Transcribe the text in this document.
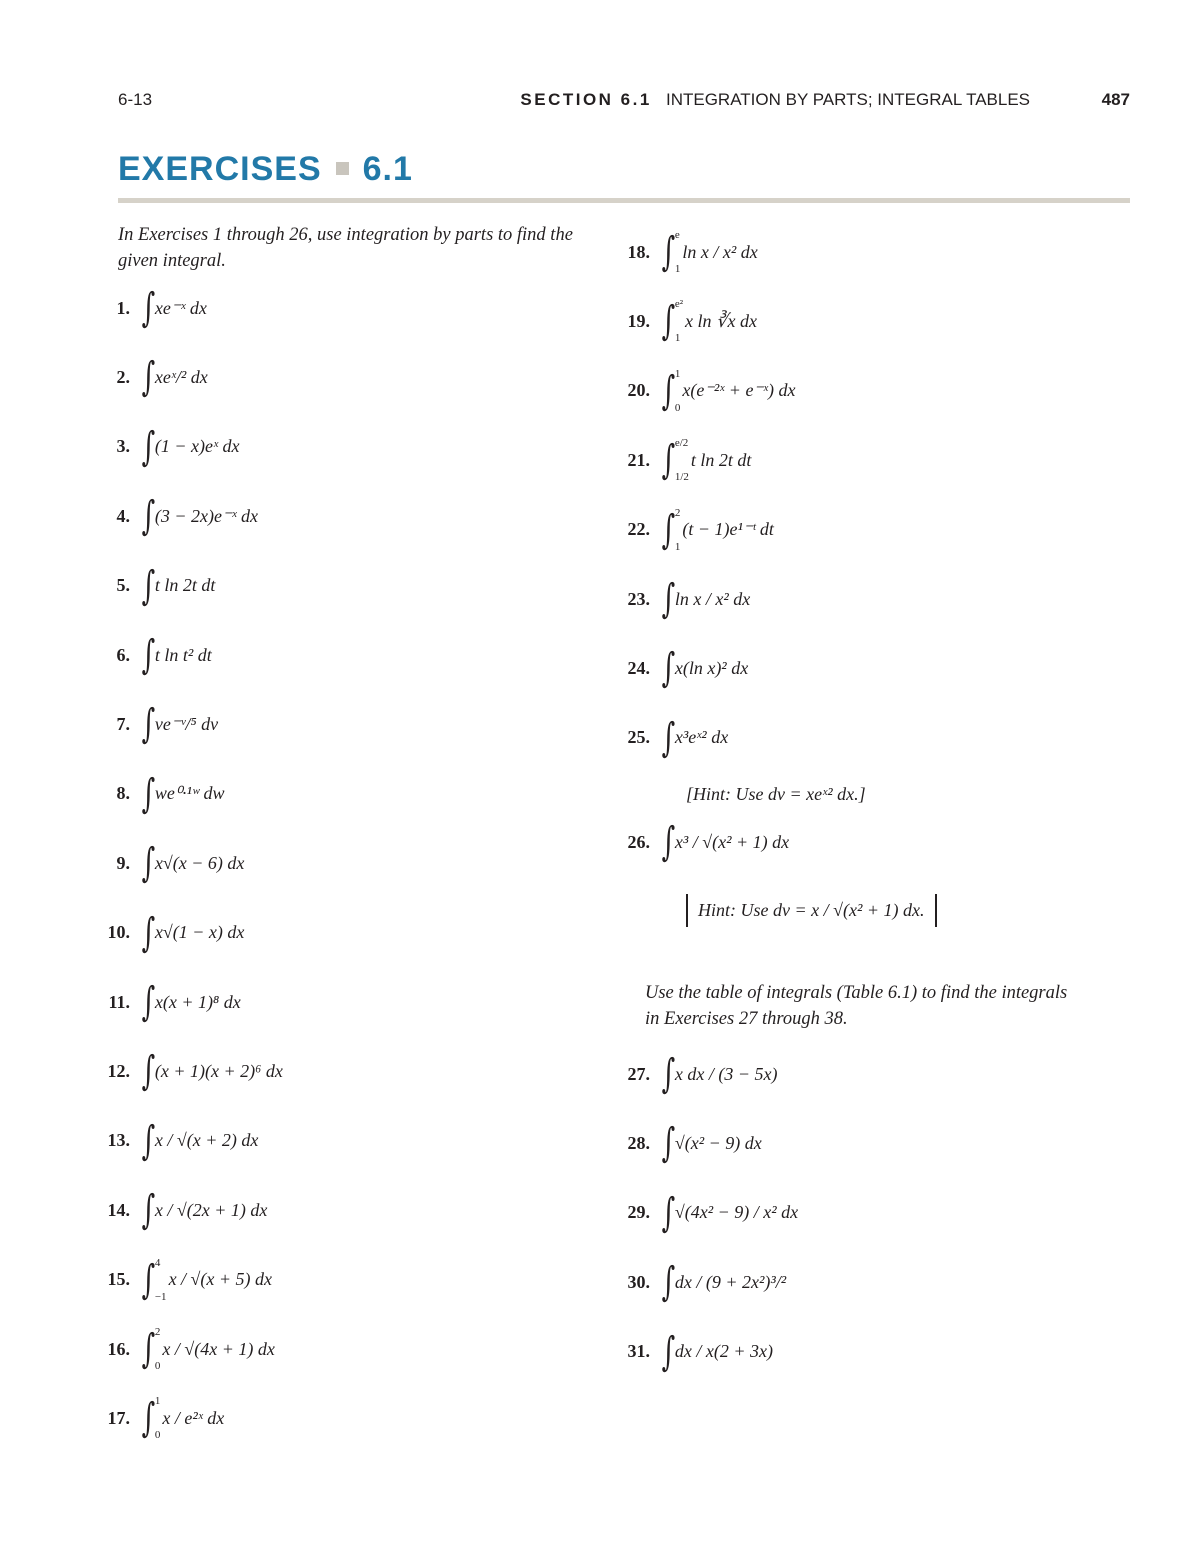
6-13	SECTION 6.1 INTEGRATION BY PARTS; INTEGRAL TABLES	487
EXERCISES 6.1
In Exercises 1 through 26, use integration by parts to find the given integral.
Use the table of integrals (Table 6.1) to find the integrals in Exercises 27 through 38.
1. ∫ xe⁻ˣ dx
2. ∫ xeˣ/² dx
3. ∫ (1 − x)eˣ dx
4. ∫ (3 − 2x)e⁻ˣ dx
5. ∫ t ln 2t dt
6. ∫ t ln t² dt
7. ∫ ve⁻ᵛ/⁵ dv
8. ∫ we⁰·¹ʷ dw
9. ∫ x√(x − 6) dx
10. ∫ x√(1 − x) dx
11. ∫ x(x + 1)⁸ dx
12. ∫ (x + 1)(x + 2)⁶ dx
13. ∫ x / √(x + 2) dx
14. ∫ x / √(2x + 1) dx
15. ∫ 4
−1
x / √(x + 5) dx
16. ∫ 2
0
x / √(4x + 1) dx
17. ∫ 1
0
x / e²ˣ dx
18. ∫ e
1
ln x / x² dx
19. ∫ e²
1
x ln ∛x dx
20. ∫ 1
0
x(e⁻²ˣ + e⁻ˣ) dx
21. ∫ e/2
1/2
t ln 2t dt
22. ∫ 2
1
(t − 1)e¹⁻ᵗ dt
23. ∫ ln x / x² dx
24. ∫ x(ln x)² dx
25. ∫ x³eˣ² dx
26. ∫ x³ / √(x² + 1) dx
27. ∫ x dx / (3 − 5x)
28. ∫ √(x² − 9) dx
29. ∫ √(4x² − 9) / x² dx
30. ∫ dx / (9 + 2x²)³/²
31. ∫ dx / x(2 + 3x)
[Hint: Use dv = xeˣ² dx.]
Hint: Use dv = x / √(x² + 1) dx.
